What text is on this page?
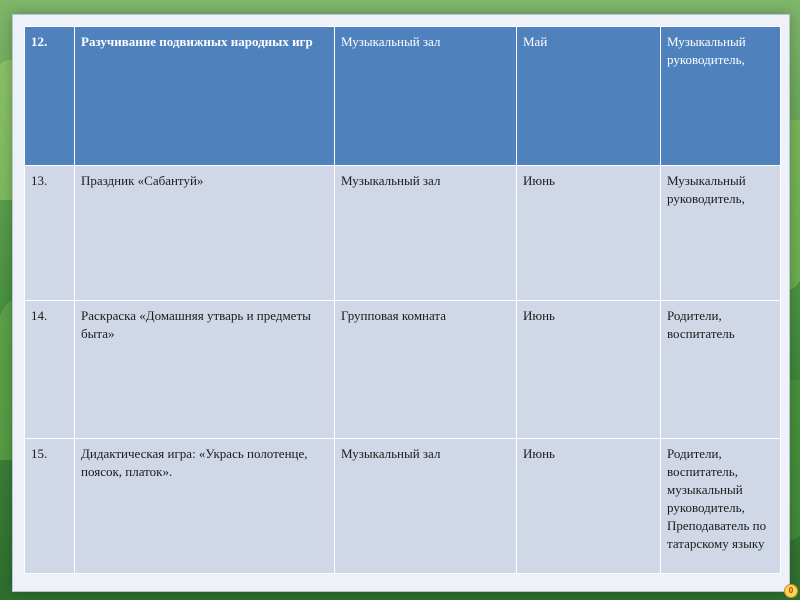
12.	Разучивание подвижных народных игр	Музыкальный зал	Май	Музыкальный руководитель,
13.	Праздник «Сабантуй»	Музыкальный зал	Июнь	Музыкальный руководитель,
14.	Раскраска «Домашняя утварь и предметы быта»	Групповая комната	Июнь	Родители, воспитатель
15.	Дидактическая игра: «Укрась полотенце, поясок, платок».	Музыкальный зал	Июнь	Родители, воспитатель, музыкальный руководитель, Преподаватель по татарскому языку
0
